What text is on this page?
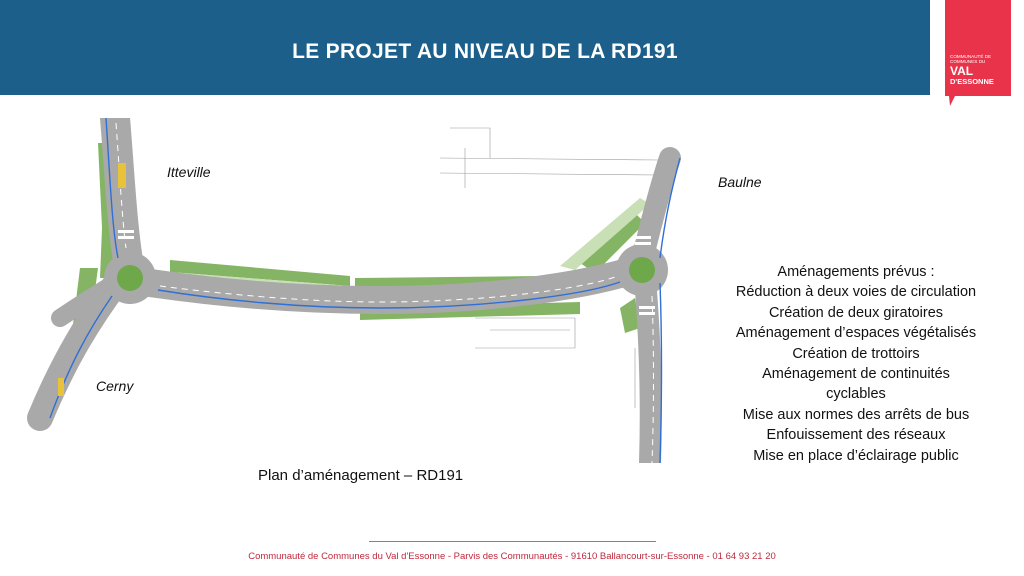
LE PROJET AU NIVEAU DE LA RD191	COMMUNAUTÉ DE COMMUNES DU
VAL
D'ESSONNE
Itteville
Baulne
Cerny
Plan d’aménagement – RD191
Aménagements prévus :
Réduction à deux voies de circulation
Création de deux giratoires
Aménagement d’espaces végétalisés
Création de trottoirs
Aménagement de continuités
cyclables
Mise aux normes des arrêts de bus
Enfouissement des réseaux
Mise en place d’éclairage public
Communauté de Communes du Val d'Essonne - Parvis des Communautés - 91610 Ballancourt-sur-Essonne - 01 64 93 21 20
